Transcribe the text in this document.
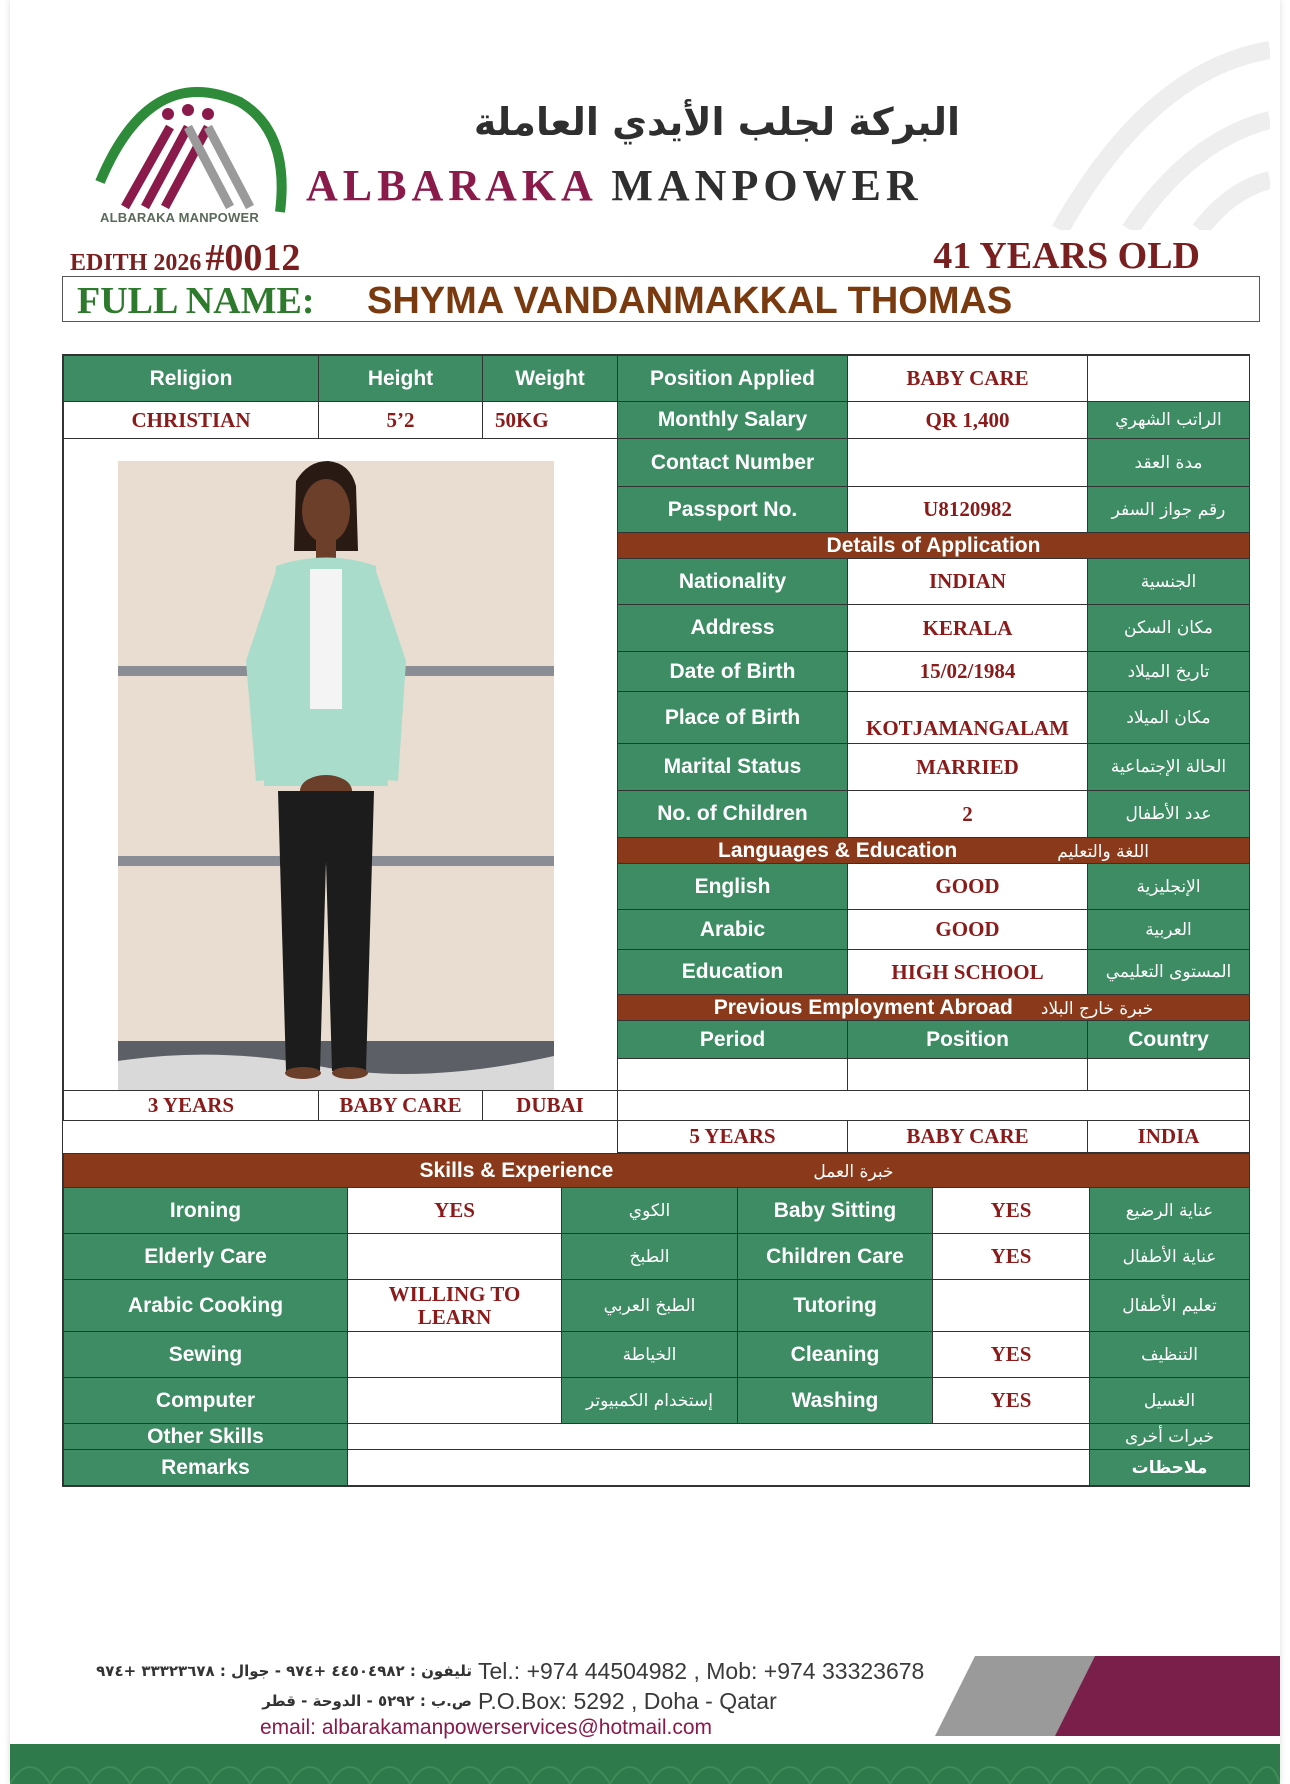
ALBARAKA MANPOWER
البركة لجلب الأيدي العاملة
ALBARAKA MANPOWER
EDITH 2026 #0012	41 YEARS OLD
FULL NAME: SHYMA VANDANMAKKAL THOMAS
Religion	Height	Weight	Position Applied	BABY CARE	
CHRISTIAN	5’2	50KG	Monthly Salary	QR 1,400	الراتب الشهري

	Contact Number		مدة العقد
			Passport No.	U8120982	رقم جواز السفر
			Details of Application		
			Nationality	INDIAN	الجنسية
			Address	KERALA	مكان السكن
			Date of Birth	15/02/1984	تاريخ الميلاد
			Place of Birth	KOTJAMANGALAM	مكان الميلاد
			Marital Status	MARRIED	الحالة الإجتماعية
			No. of Children	2	عدد الأطفال
			Languages & Education اللغة والتعليم		
			English	GOOD	الإنجليزية
			Arabic	GOOD	العربية
			Education	HIGH SCHOOL	المستوى التعليمي
			Previous Employment Abroad خبرة خارج البلاد		
			Period	Position	Country

3 YEARS	BABY CARE	DUBAI			
			5 YEARS	BABY CARE	INDIA
Skills & Experience خبرة العمل					
Ironing	YES	الكوي	Baby Sitting	YES	عناية الرضيع
Elderly Care		الطبخ	Children Care	YES	عناية الأطفال
Arabic Cooking	WILLING TO LEARN	الطبخ العربي	Tutoring		تعليم الأطفال
Sewing		الخياطة	Cleaning	YES	التنظيف
Computer		إستخدام الكمبيوتر	Washing	YES	الغسيل
Other Skills					خبرات أخرى
Remarks					ملاحظات
تليفون : ٤٤٥٠٤٩٨٢ +٩٧٤ - جوال : ٣٣٣٢٣٦٧٨ +٩٧٤ Tel.: +974 44504982 , Mob: +974 33323678
ص.ب : ٥٢٩٢ - الدوحة - قطر P.O.Box: 5292 , Doha - Qatar
email: albarakamanpowerservices@hotmail.com
